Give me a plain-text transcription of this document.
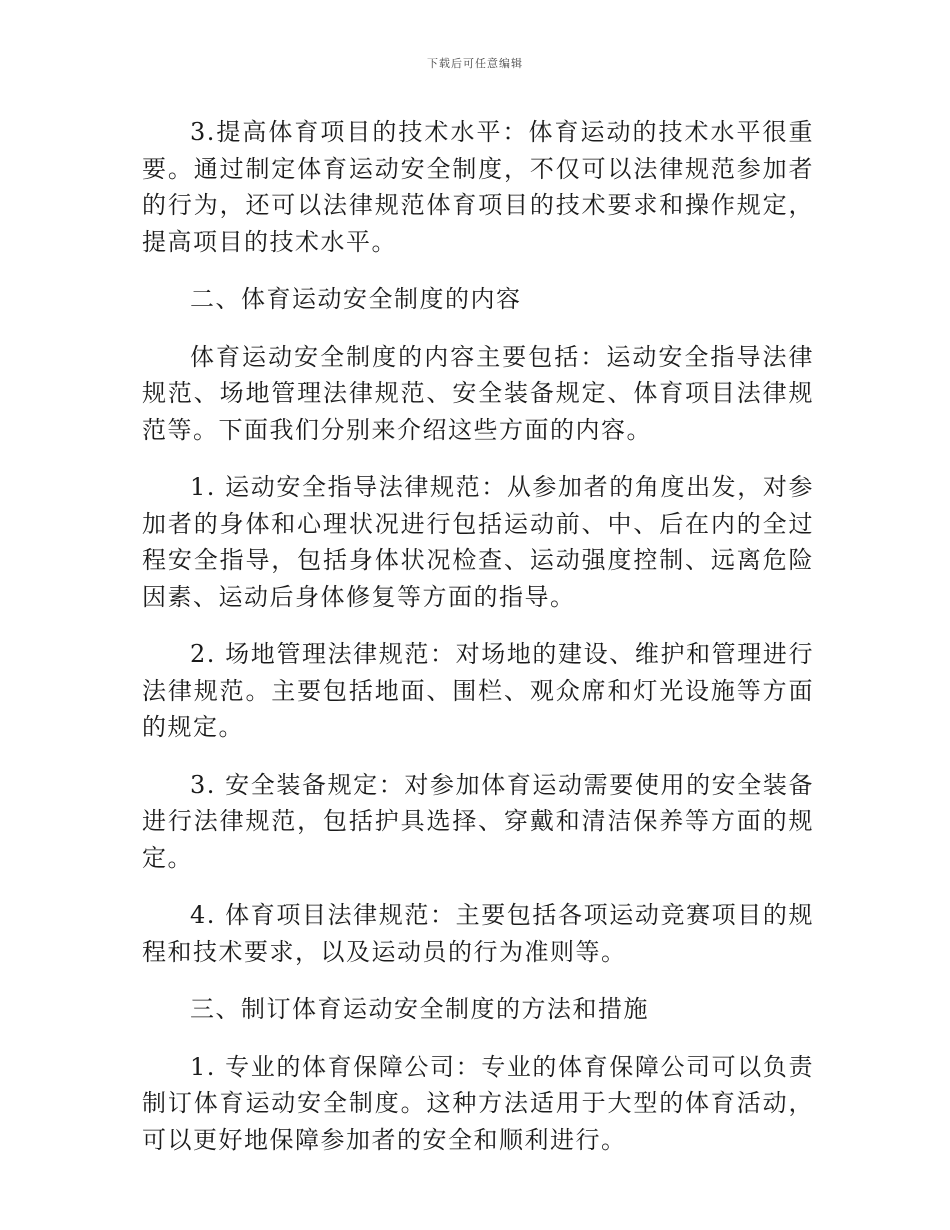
下载后可任意编辑

3.提高体育项目的技术水平：体育运动的技术水平很重要。通过制定体育运动安全制度，不仅可以法律规范参加者的行为，还可以法律规范体育项目的技术要求和操作规定，提高项目的技术水平。

二、体育运动安全制度的内容

体育运动安全制度的内容主要包括：运动安全指导法律规范、场地管理法律规范、安全装备规定、体育项目法律规范等。下面我们分别来介绍这些方面的内容。

1. 运动安全指导法律规范：从参加者的角度出发，对参加者的身体和心理状况进行包括运动前、中、后在内的全过程安全指导，包括身体状况检查、运动强度控制、远离危险因素、运动后身体修复等方面的指导。

2. 场地管理法律规范：对场地的建设、维护和管理进行法律规范。主要包括地面、围栏、观众席和灯光设施等方面的规定。

3. 安全装备规定：对参加体育运动需要使用的安全装备进行法律规范，包括护具选择、穿戴和清洁保养等方面的规定。

4. 体育项目法律规范：主要包括各项运动竞赛项目的规程和技术要求，以及运动员的行为准则等。

三、制订体育运动安全制度的方法和措施

1. 专业的体育保障公司：专业的体育保障公司可以负责制订体育运动安全制度。这种方法适用于大型的体育活动，可以更好地保障参加者的安全和顺利进行。
